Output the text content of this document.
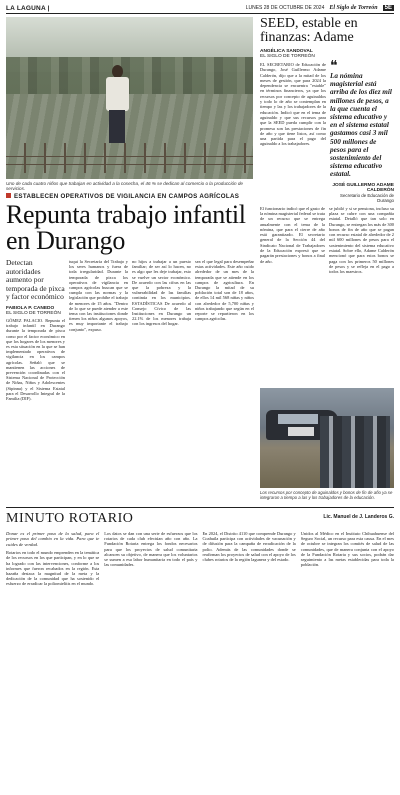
LA LAGUNA |	LUNES 28 DE OCTUBRE DE 2024 El Siglo de Torreón	5E
Uno de cada cuatro niños que trabajan en actividad a la cosecha, el 46 % se dedican al comercio o la producción de servicios.
SEED, estable en finanzas: Adame
ANGÉLICA SANDOVAL
EL SIGLO DE TORREÓN

EL SECRETARIO de Educación de Durango, José Guillermo Adame Calderón, dijo que a la mitad de los meses de gestión, que para 2024 la dependencia se encuentra "estable" en términos financieros, ya que los recursos por concepto de aguinaldos y todo lo de año se contemplan en tiempo y las y los trabajadores de la educación. Indicó que en el tema de aguinaldo y que sus recursos para que la SEED pueda cumplir con la promesa son las prestaciones de fin de año y que tiene listos, así como una partida para el pago del aguinaldo a los trabajadores.

❝

La nómina magisterial está arriba de los diez mil millones de pesos, a la que cuenta el sistema educativo y en el sistema estatal gastamos casi 3 mil 500 millones de pesos para el sostenimiento del sistema educativo estatal.

JOSÉ GUILLERMO ADAME CALDERÓN

Secretario de Educación de Durango

El funcionario indicó que el gasto de la nómina magisterial federal se trata de un recurso que se entrega anualmente con el tema de la nómina, que para el cierre de año está garantizado. El secretario general de la Sección 44 del Sindicato Nacional de Trabajadores de la Educación expresó que se pagarán prestaciones y bonos a final de año.

se jubiló y si se pensiona, incluso su plaza se cubre con una compañía estatal. Detalló que tan solo en Durango, se entregan los más de 300 bonos de fin de año que se pagan con recurso estatal de alrededor de 2 mil 600 millones de pesos para el sostenimiento del sistema educativo estatal. Sobre ello, Adame Calderón mencionó que para estos bonos se paga con los primeros 50 millones de pesos y se refleja en el pago a todos los maestros.

ESTABLECEN OPERATIVOS DE VIGILANCIA EN CAMPOS AGRÍCOLAS
Repunta trabajo infantil en Durango

Detectan autoridades aumento por temporada de pixca y factor económico

FABIOLA P. CANEDO
EL SIGLO DE TORREÓN

GÓMEZ PALACIO. Repunta el trabajo infantil en Durango durante la temporada de pixca como por el factor económico en que los hogares de los menores y es esta situación en la que se han implementado operativos de vigilancia en los campos agrícolas. Señaló que se mantienen las acciones de prevención coordinadas con el Sistema Nacional de Protección de Niñas, Niños y Adolescentes (Sipinna) y el Sistema Estatal para el Desarrollo Integral de la Familia (DIF).

tuqui la Secretaría del Trabajo y los seres humanos y fuera de toda irregularidad. Durante la temporada de pixca los operativos de vigilancia en campos agrícolas buscan que se cumpla con las normas y la legislación que prohíbe el trabajo de menores de 15 años. "Dentro de lo que se puede atender a este tema con las instituciones donde tienen los niños algunos apoyos, es muy importante el trabajo conjunto", expuso.

no hijos a trabajar a un puesto familiar; de ser así lo hacen, no es algo que les deje trabajar, esto se vuelve un sector económico. De acuerdo con las cifras en las que la pobreza y la vulnerabilidad de las familias continúa en los municipios. ESTADÍSTICAS De acuerdo al Consejo Cívico de las Instituciones en Durango un 22.1% de los menores trabaja con los ingresos del hogar.

sea el que legal para desempeñar estas actividades. Este año cuido alrededor de un mes de la temporada que se atiende en los campos de agricultura. En Durango la mitad de su población total son de 18 años, de ellos 14 mil 568 niñas y niños con alrededor de 5,700 niñas y niños trabajando que según en el reporte se repartieron en los campos agrícolas.

Los recursos por concepto de aguinaldos y bonos de fin de año ya se integraron a tiempo a las y los trabajadores de la educación.
MINUTO ROTARIO	Lic. Manuel de J. Landeros G.

Donar es el primer paso de la salud, para el primer paso del cambio en la vida. Para que te cuides de verdad.

Rotarios en todo el mundo emprenden en la temática de los recursos en los que participan, y en lo que se ha logrado con las intervenciones, conforme a los informes que fueron recabados en la región. Esta hazaña destaca la magnitud de la meta y la dedicación de la comunidad que ha sostenido el esfuerzo de erradicar la poliomielitis en el mundo.

Los datos se dan con una serie de esfuerzos que los rotarios de cada club efectúan año con año. La Fundación Rotaria entrega los fondos necesarios para que los proyectos de salud comunitaria alcancen su objetivo, de manera que los voluntarios se sumen a esa labor humanitaria en todo el país y las comunidades.

En 2024, el Distrito 4110 que comprende Durango y Coahuila participa con actividades de vacunación y de difusión para la campaña de erradicación de la polio. Además de las comunidades donde se reafirman los proyectos de salud con el apoyo de los clubes rotarios de la región lagunera y del estado.

Unidos al Médico en el Instituto Chihuahuense del Seguro Social, un recurso para esta causa. En el mes de octubre se integran los comités de salud de las comunidades, que de manera conjunta con el apoyo de la Fundación Rotaria y sus socios, podrán dar seguimiento a las metas establecidas para toda la población.
